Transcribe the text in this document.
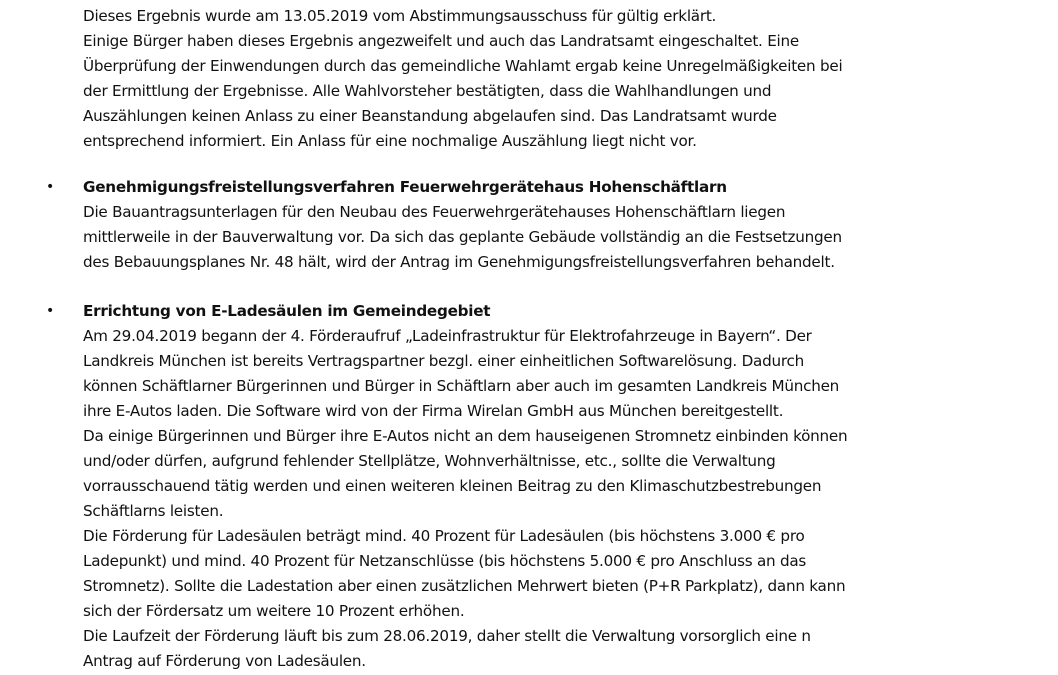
Dieses Ergebnis wurde am 13.05.2019 vom Abstimmungsausschuss für gültig erklärt.
Einige Bürger haben dieses Ergebnis angezweifelt und auch das Landratsamt eingeschaltet. Eine
Überprüfung der Einwendungen durch das gemeindliche Wahlamt ergab keine Unregelmäßigkeiten bei
der Ermittlung der Ergebnisse. Alle Wahlvorsteher bestätigten, dass die Wahlhandlungen und
Auszählungen keinen Anlass zu einer Beanstandung abgelaufen sind. Das Landratsamt wurde
entsprechend informiert. Ein Anlass für eine nochmalige Auszählung liegt nicht vor.
• Genehmigungsfreistellungsverfahren Feuerwehrgerätehaus Hohenschäftlarn
Die Bauantragsunterlagen für den Neubau des Feuerwehrgerätehauses Hohenschäftlarn liegen
mittlerweile in der Bauverwaltung vor. Da sich das geplante Gebäude vollständig an die Festsetzungen
des Bebauungsplanes Nr. 48 hält, wird der Antrag im Genehmigungsfreistellungsverfahren behandelt.
• Errichtung von E-Ladesäulen im Gemeindegebiet
Am 29.04.2019 begann der 4. Förderaufruf „Ladeinfrastruktur für Elektrofahrzeuge in Bayern“. Der
Landkreis München ist bereits Vertragspartner bezgl. einer einheitlichen Softwarelösung. Dadurch
können Schäftlarner Bürgerinnen und Bürger in Schäftlarn aber auch im gesamten Landkreis München
ihre E-Autos laden. Die Software wird von der Firma Wirelan GmbH aus München bereitgestellt.
Da einige Bürgerinnen und Bürger ihre E-Autos nicht an dem hauseigenen Stromnetz einbinden können
und/oder dürfen, aufgrund fehlender Stellplätze, Wohnverhältnisse, etc., sollte die Verwaltung
vorrausschauend tätig werden und einen weiteren kleinen Beitrag zu den Klimaschutzbestrebungen
Schäftlarns leisten.
Die Förderung für Ladesäulen beträgt mind. 40 Prozent für Ladesäulen (bis höchstens 3.000 € pro
Ladepunkt) und mind. 40 Prozent für Netzanschlüsse (bis höchstens 5.000 € pro Anschluss an das
Stromnetz). Sollte die Ladestation aber einen zusätzlichen Mehrwert bieten (P+R Parkplatz), dann kann
sich der Fördersatz um weitere 10 Prozent erhöhen.
Die Laufzeit der Förderung läuft bis zum 28.06.2019, daher stellt die Verwaltung vorsorglich eine n
Antrag auf Förderung von Ladesäulen.
